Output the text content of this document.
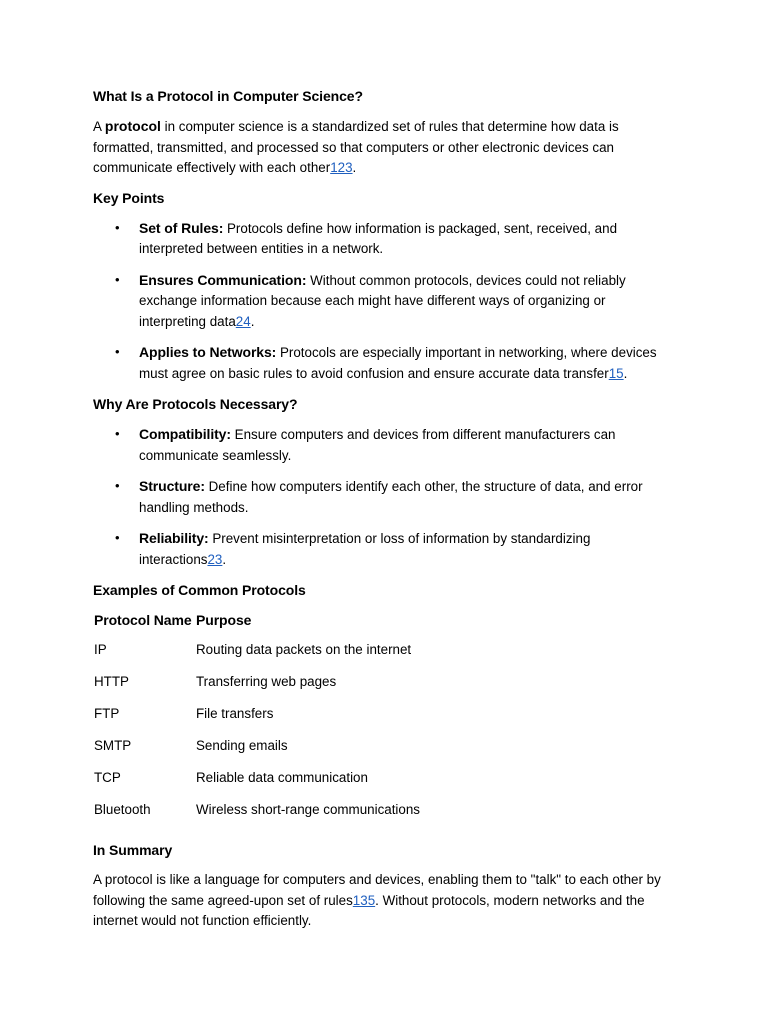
What Is a Protocol in Computer Science?

A protocol in computer science is a standardized set of rules that determine how data is formatted, transmitted, and processed so that computers or other electronic devices can communicate effectively with each other123.

Key Points
• Set of Rules: Protocols define how information is packaged, sent, received, and interpreted between entities in a network.
• Ensures Communication: Without common protocols, devices could not reliably exchange information because each might have different ways of organizing or interpreting data24.
• Applies to Networks: Protocols are especially important in networking, where devices must agree on basic rules to avoid confusion and ensure accurate data transfer15.
Why Are Protocols Necessary?
• Compatibility: Ensure computers and devices from different manufacturers can communicate seamlessly.
• Structure: Define how computers identify each other, the structure of data, and error handling methods.
• Reliability: Prevent misinterpretation or loss of information by standardizing interactions23.
Examples of Common Protocols
Protocol Name	Purpose
IP	Routing data packets on the internet
HTTP	Transferring web pages
FTP	File transfers
SMTP	Sending emails
TCP	Reliable data communication
Bluetooth	Wireless short-range communications
In Summary

A protocol is like a language for computers and devices, enabling them to "talk" to each other by following the same agreed-upon set of rules135. Without protocols, modern networks and the internet would not function efficiently.
